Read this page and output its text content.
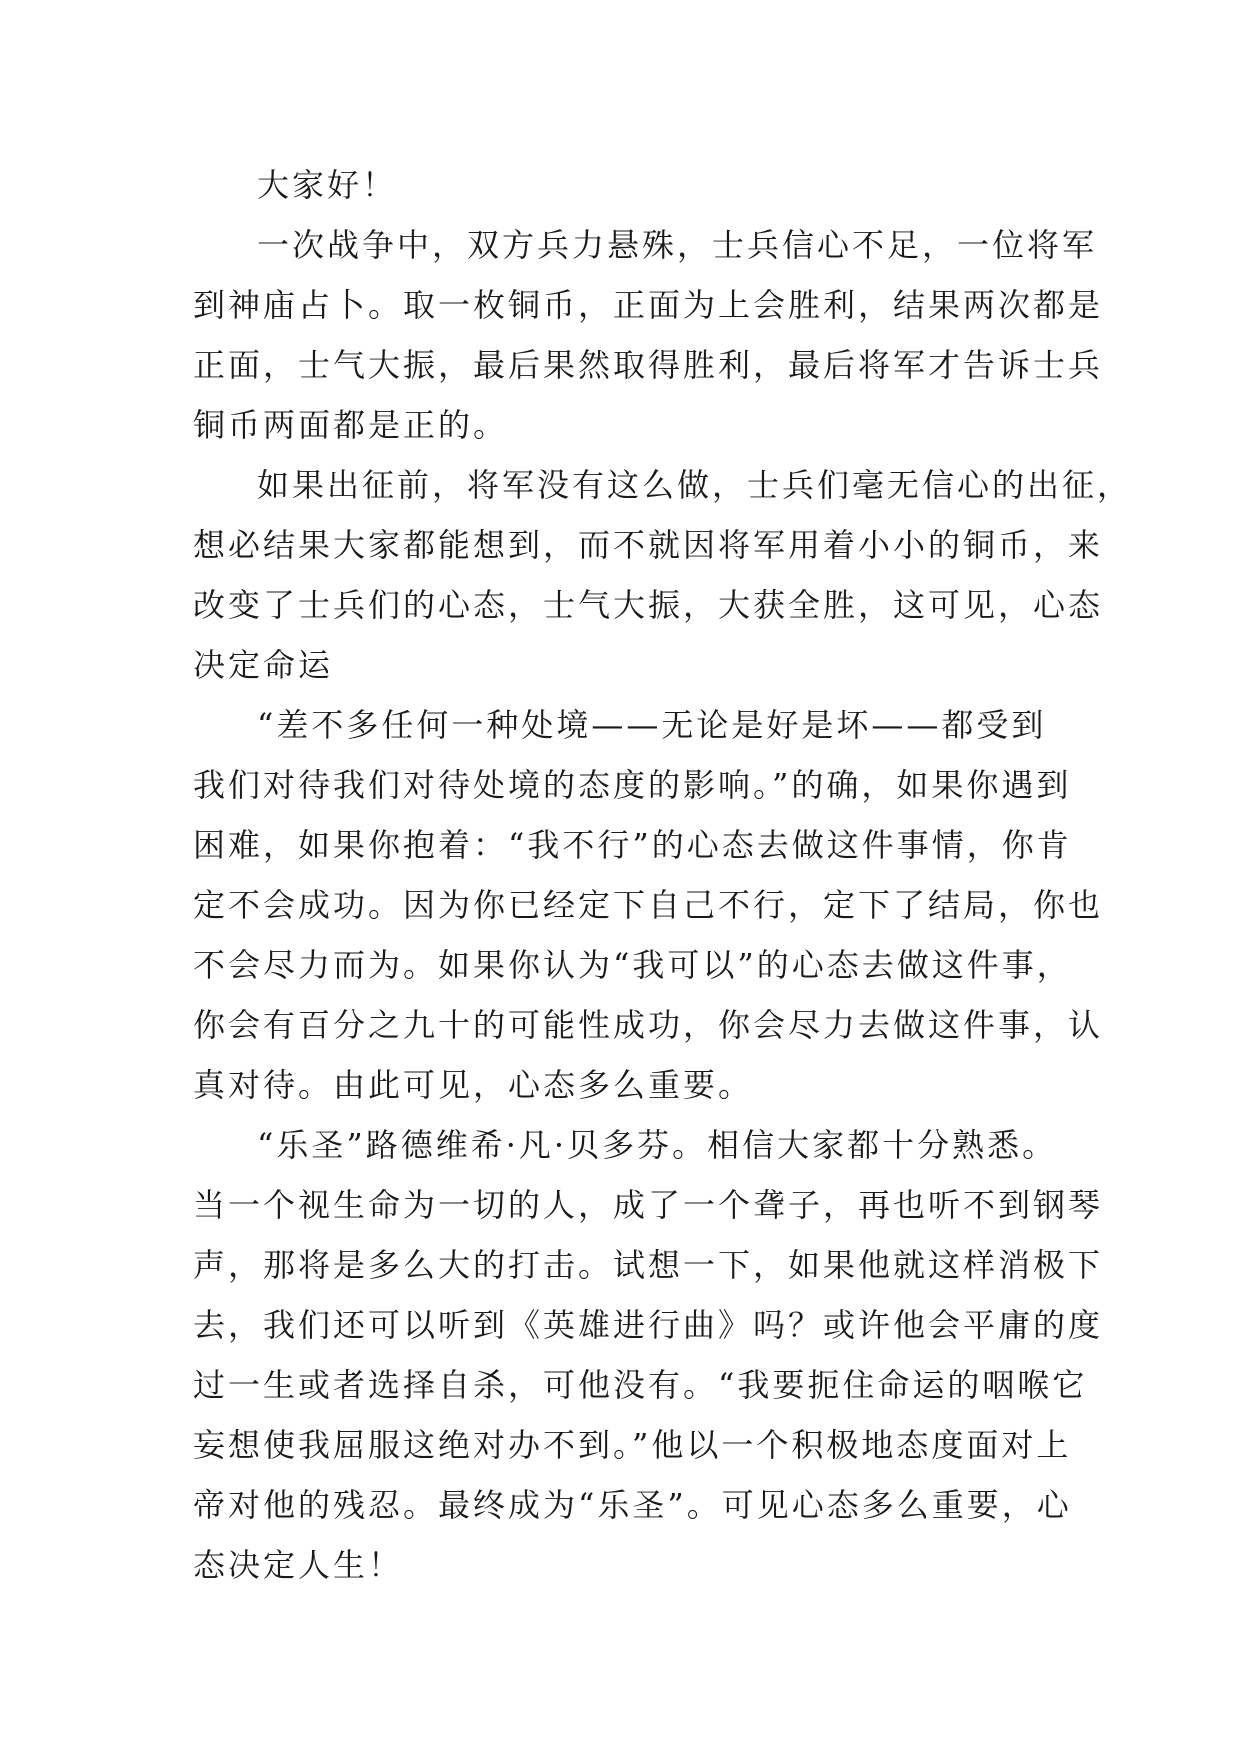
大家好！
一次战争中，双方兵力悬殊，士兵信心不足，一位将军
到神庙占卜。取一枚铜币，正面为上会胜利，结果两次都是
正面，士气大振，最后果然取得胜利，最后将军才告诉士兵
铜币两面都是正的。
如果出征前，将军没有这么做，士兵们毫无信心的出征，
想必结果大家都能想到，而不就因将军用着小小的铜币，来
改变了士兵们的心态，士气大振，大获全胜，这可见，心态
决定命运
“差不多任何一种处境——无论是好是坏——都受到
我们对待我们对待处境的态度的影响。”的确，如果你遇到
困难，如果你抱着：“我不行”的心态去做这件事情，你肯
定不会成功。因为你已经定下自己不行，定下了结局，你也
不会尽力而为。如果你认为“我可以”的心态去做这件事，
你会有百分之九十的可能性成功，你会尽力去做这件事，认
真对待。由此可见，心态多么重要。
“乐圣”路德维希·凡·贝多芬。相信大家都十分熟悉。
当一个视生命为一切的人，成了一个聋子，再也听不到钢琴
声，那将是多么大的打击。试想一下，如果他就这样消极下
去，我们还可以听到《英雄进行曲》吗？或许他会平庸的度
过一生或者选择自杀，可他没有。“我要扼住命运的咽喉它
妄想使我屈服这绝对办不到。”他以一个积极地态度面对上
帝对他的残忍。最终成为“乐圣”。可见心态多么重要，心
态决定人生！
